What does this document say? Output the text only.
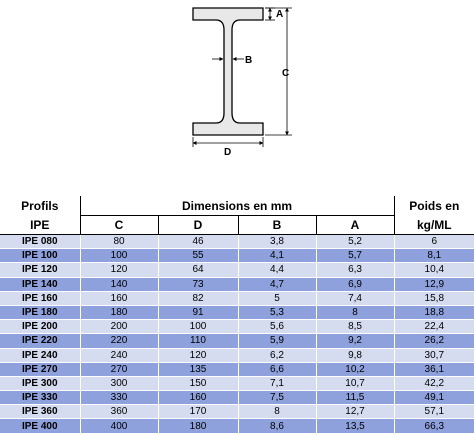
A
C
B
D
Profils	Dimensions en mm				Poids en
IPE	C	D	B	A	kg/ML
IPE 080	80	46	3,8	5,2	6
IPE 100	100	55	4,1	5,7	8,1
IPE 120	120	64	4,4	6,3	10,4
IPE 140	140	73	4,7	6,9	12,9
IPE 160	160	82	5	7,4	15,8
IPE 180	180	91	5,3	8	18,8
IPE 200	200	100	5,6	8,5	22,4
IPE 220	220	110	5,9	9,2	26,2
IPE 240	240	120	6,2	9,8	30,7
IPE 270	270	135	6,6	10,2	36,1
IPE 300	300	150	7,1	10,7	42,2
IPE 330	330	160	7,5	11,5	49,1
IPE 360	360	170	8	12,7	57,1
IPE 400	400	180	8,6	13,5	66,3
